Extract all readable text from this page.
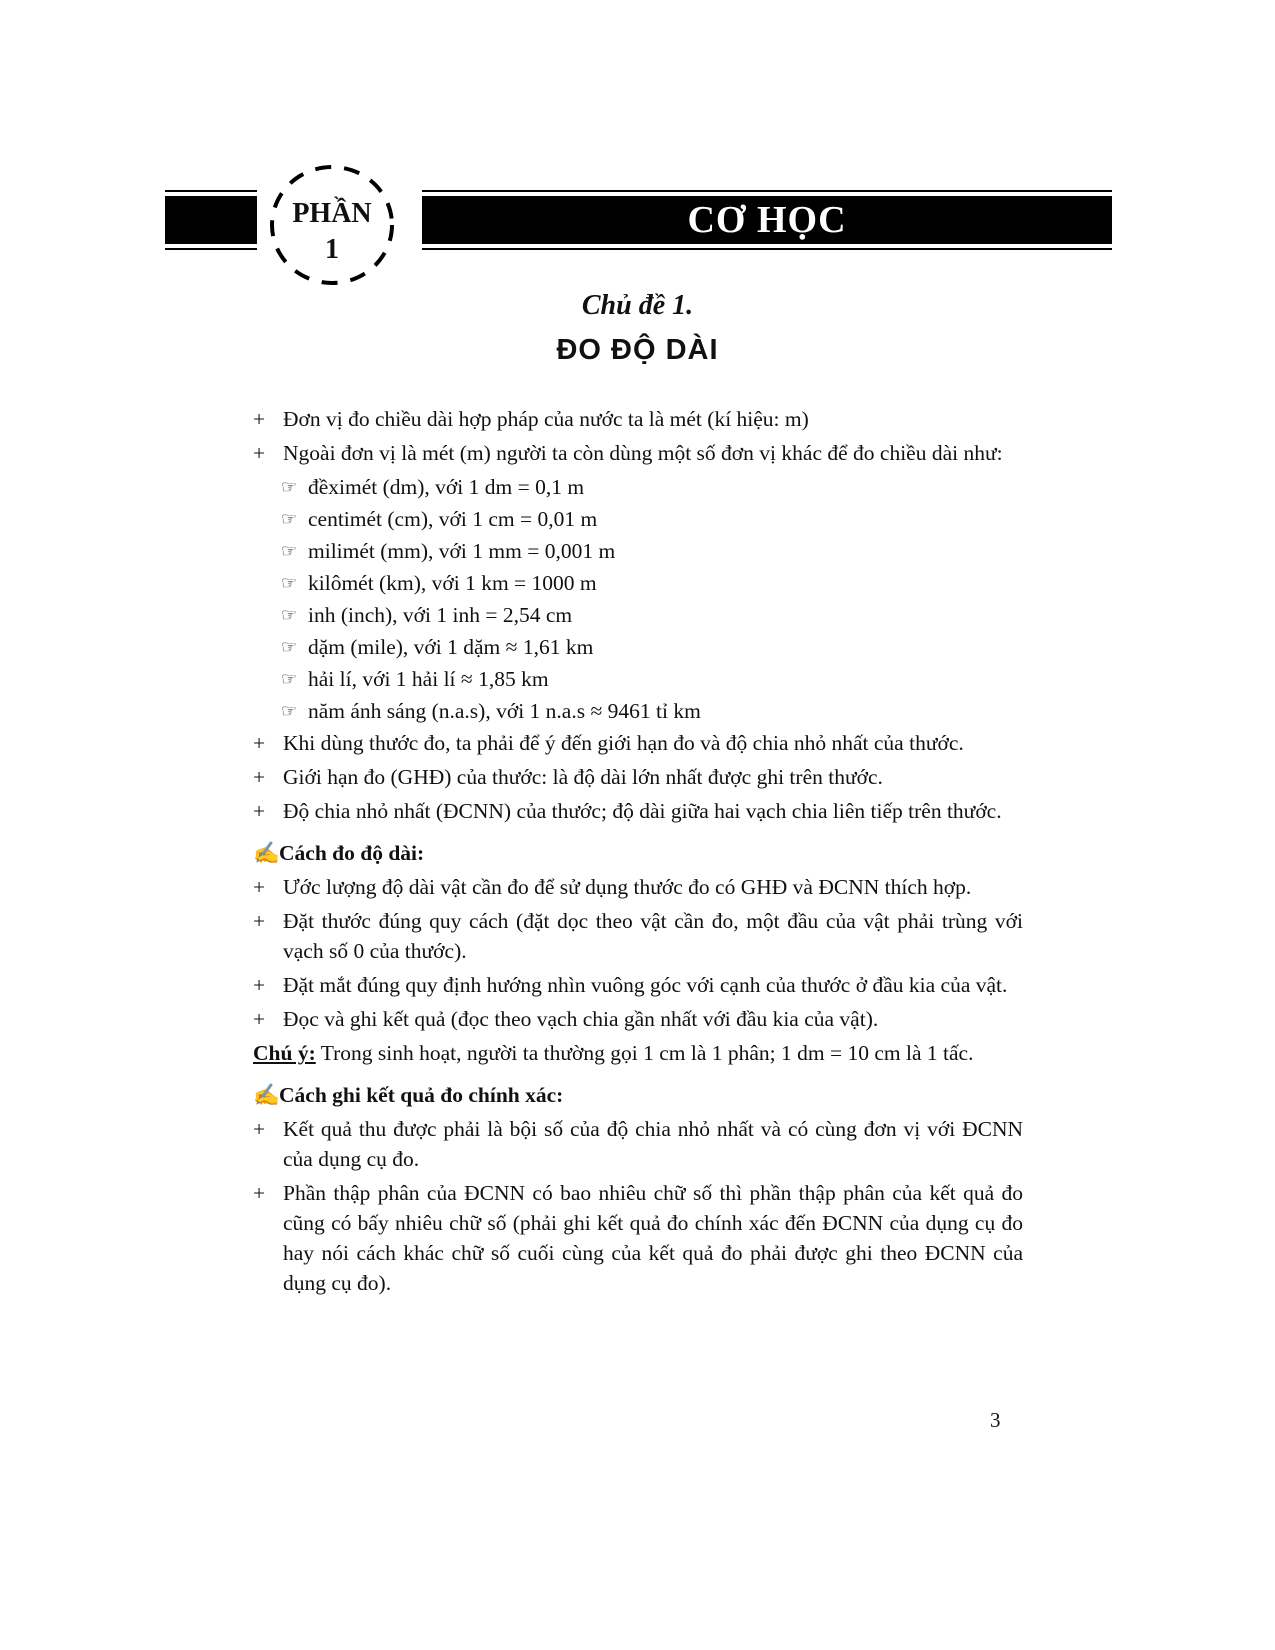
PHẦN
1
CƠ HỌC
Chủ đề 1.
ĐO ĐỘ DÀI
+ Đơn vị đo chiều dài hợp pháp của nước ta là mét (kí hiệu: m)
+ Ngoài đơn vị là mét (m) người ta còn dùng một số đơn vị khác để đo chiều dài như:
☞ đềximét (dm), với 1 dm = 0,1 m
☞ centimét (cm), với 1 cm = 0,01 m
☞ milimét (mm), với 1 mm = 0,001 m
☞ kilômét (km), với 1 km = 1000 m
☞ inh (inch), với 1 inh = 2,54 cm
☞ dặm (mile), với 1 dặm ≈ 1,61 km
☞ hải lí, với 1 hải lí ≈ 1,85 km
☞ năm ánh sáng (n.a.s), với 1 n.a.s ≈ 9461 tỉ km
+ Khi dùng thước đo, ta phải để ý đến giới hạn đo và độ chia nhỏ nhất của thước.
+ Giới hạn đo (GHĐ) của thước: là độ dài lớn nhất được ghi trên thước.
+ Độ chia nhỏ nhất (ĐCNN) của thước; độ dài giữa hai vạch chia liên tiếp trên thước.
✍Cách đo độ dài:
+ Ước lượng độ dài vật cần đo để sử dụng thước đo có GHĐ và ĐCNN thích hợp.
+ Đặt thước đúng quy cách (đặt dọc theo vật cần đo, một đầu của vật phải trùng với vạch số 0 của thước).
+ Đặt mắt đúng quy định hướng nhìn vuông góc với cạnh của thước ở đầu kia của vật.
+ Đọc và ghi kết quả (đọc theo vạch chia gần nhất với đầu kia của vật).
Chú ý: Trong sinh hoạt, người ta thường gọi 1 cm là 1 phân; 1 dm = 10 cm là 1 tấc.
✍Cách ghi kết quả đo chính xác:
+ Kết quả thu được phải là bội số của độ chia nhỏ nhất và có cùng đơn vị với ĐCNN của dụng cụ đo.
+ Phần thập phân của ĐCNN có bao nhiêu chữ số thì phần thập phân của kết quả đo cũng có bấy nhiêu chữ số (phải ghi kết quả đo chính xác đến ĐCNN của dụng cụ đo hay nói cách khác chữ số cuối cùng của kết quả đo phải được ghi theo ĐCNN của dụng cụ đo).
3
